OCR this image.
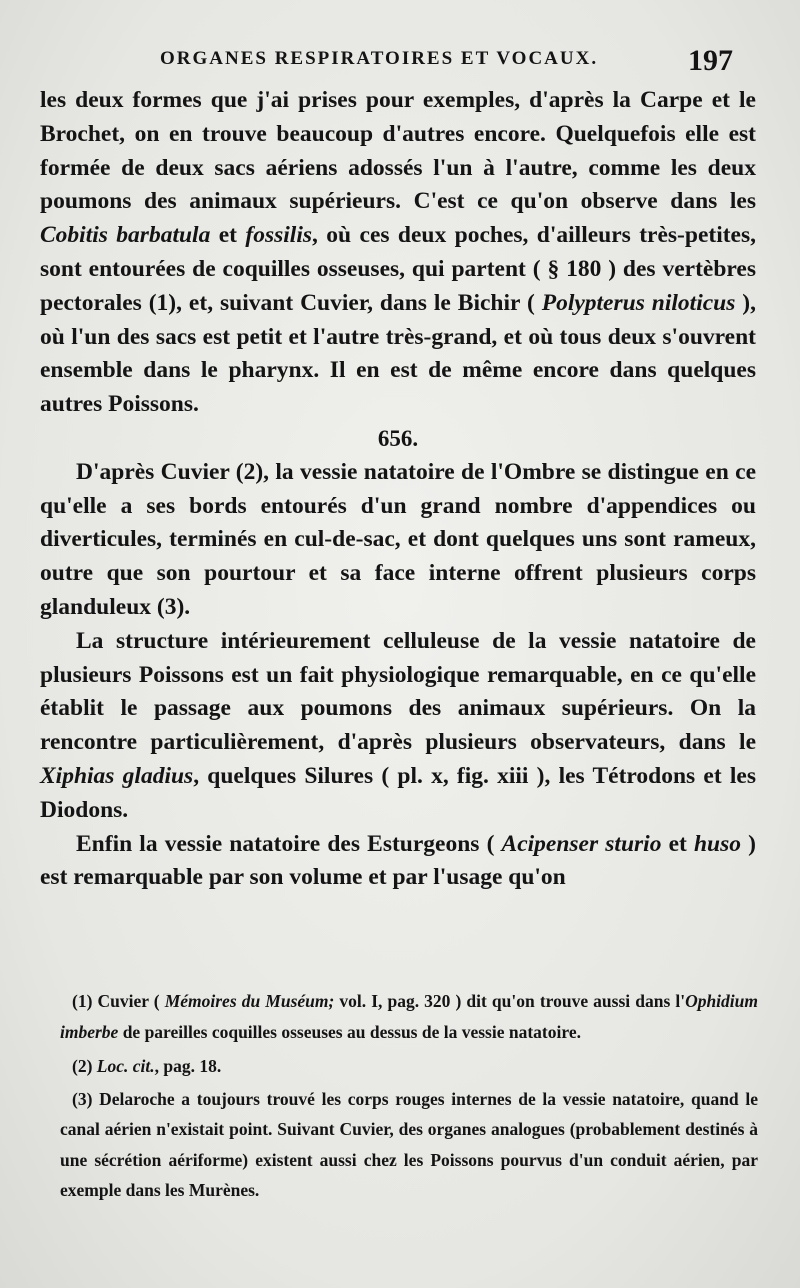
ORGANES RESPIRATOIRES ET VOCAUX.	197

les deux formes que j'ai prises pour exemples, d'après la Carpe et le Brochet, on en trouve beaucoup d'autres encore. Quelquefois elle est formée de deux sacs aériens adossés l'un à l'autre, comme les deux poumons des animaux supérieurs. C'est ce qu'on observe dans les Cobitis barbatula et fossilis, où ces deux poches, d'ailleurs très-petites, sont entourées de coquilles osseuses, qui partent ( § 180 ) des vertèbres pectorales (1), et, suivant Cuvier, dans le Bichir ( Polypterus niloticus ), où l'un des sacs est petit et l'autre très-grand, et où tous deux s'ouvrent ensemble dans le pharynx. Il en est de même encore dans quelques autres Poissons.

656.

D'après Cuvier (2), la vessie natatoire de l'Ombre se distingue en ce qu'elle a ses bords entourés d'un grand nombre d'appendices ou diverticules, terminés en cul-de-sac, et dont quelques uns sont rameux, outre que son pourtour et sa face interne offrent plusieurs corps glanduleux (3).

La structure intérieurement celluleuse de la vessie natatoire de plusieurs Poissons est un fait physiologique remarquable, en ce qu'elle établit le passage aux poumons des animaux supérieurs. On la rencontre particulièrement, d'après plusieurs observateurs, dans le Xiphias gladius, quelques Silures ( pl. x, fig. xiii ), les Tétrodons et les Diodons.

Enfin la vessie natatoire des Esturgeons ( Acipenser sturio et huso ) est remarquable par son volume et par l'usage qu'on

(1) Cuvier ( Mémoires du Muséum; vol. I, pag. 320 ) dit qu'on trouve aussi dans l'Ophidium imberbe de pareilles coquilles osseuses au dessus de la vessie natatoire.

(2) Loc. cit., pag. 18.

(3) Delaroche a toujours trouvé les corps rouges internes de la vessie natatoire, quand le canal aérien n'existait point. Suivant Cuvier, des organes analogues (probablement destinés à une sécrétion aériforme) existent aussi chez les Poissons pourvus d'un conduit aérien, par exemple dans les Murènes.
